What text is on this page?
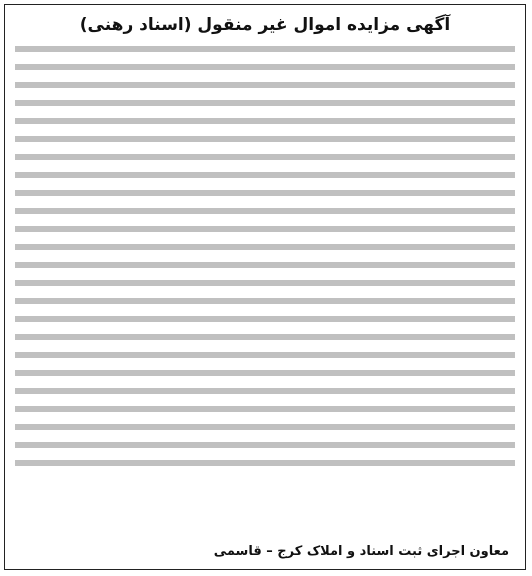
آگهی مزایده اموال غیر منقول (اسناد رهنی)
معاون اجرای ثبت اسناد و املاک کرج – قاسمی
